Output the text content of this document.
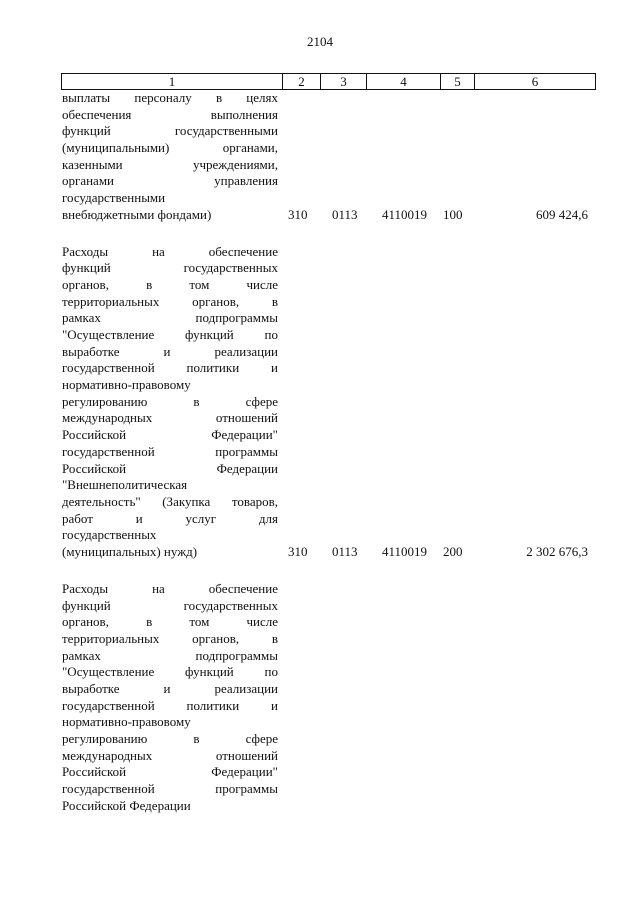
2104
1	2	3	4	5	6
выплаты персоналу в целях
обеспечения выполнения
функций государственными
(муниципальными) органами,
казенными учреждениями,
органами управления
государственными
внебюджетными фондами)	310 0113 4110019 100	609 424,6
Расходы на обеспечение
функций государственных
органов, в том числе
территориальных органов, в
рамках подпрограммы
"Осуществление функций по
выработке и реализации
государственной политики и
нормативно-правовому
регулированию в сфере
международных отношений
Российской Федерации"
государственной программы
Российской Федерации
"Внешнеполитическая
деятельность" (Закупка товаров,
работ и услуг для
государственных
(муниципальных) нужд)	310 0113 4110019 200	2 302 676,3
Расходы на обеспечение
функций государственных
органов, в том числе
территориальных органов, в
рамках подпрограммы
"Осуществление функций по
выработке и реализации
государственной политики и
нормативно-правовому
регулированию в сфере
международных отношений
Российской Федерации"
государственной программы
Российской Федерации
